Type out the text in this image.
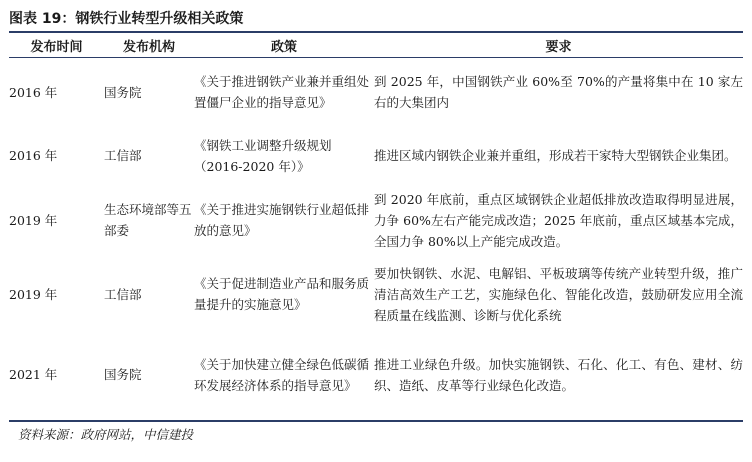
图表 19：钢铁行业转型升级相关政策
发布时间	发布机构	政策	要求
2016 年	国务院	《关于推进钢铁产业兼并重组处置僵尸企业的指导意见》	到 2025 年，中国钢铁产业 60%至 70%的产量将集中在 10 家左右的大集团内
2016 年	工信部	《钢铁工业调整升级规划（2016-2020 年）》	推进区域内钢铁企业兼并重组，形成若干家特大型钢铁企业集团。
2019 年	生态环境部等五部委	《关于推进实施钢铁行业超低排放的意见》	到 2020 年底前，重点区域钢铁企业超低排放改造取得明显进展，力争 60%左右产能完成改造；2025 年底前，重点区域基本完成，全国力争 80%以上产能完成改造。
2019 年	工信部	《关于促进制造业产品和服务质量提升的实施意见》	要加快钢铁、水泥、电解铝、平板玻璃等传统产业转型升级，推广清洁高效生产工艺，实施绿色化、智能化改造，鼓励研发应用全流程质量在线监测、诊断与优化系统
2021 年	国务院	《关于加快建立健全绿色低碳循环发展经济体系的指导意见》	推进工业绿色升级。加快实施钢铁、石化、化工、有色、建材、纺织、造纸、皮革等行业绿色化改造。
资料来源：政府网站，中信建投
